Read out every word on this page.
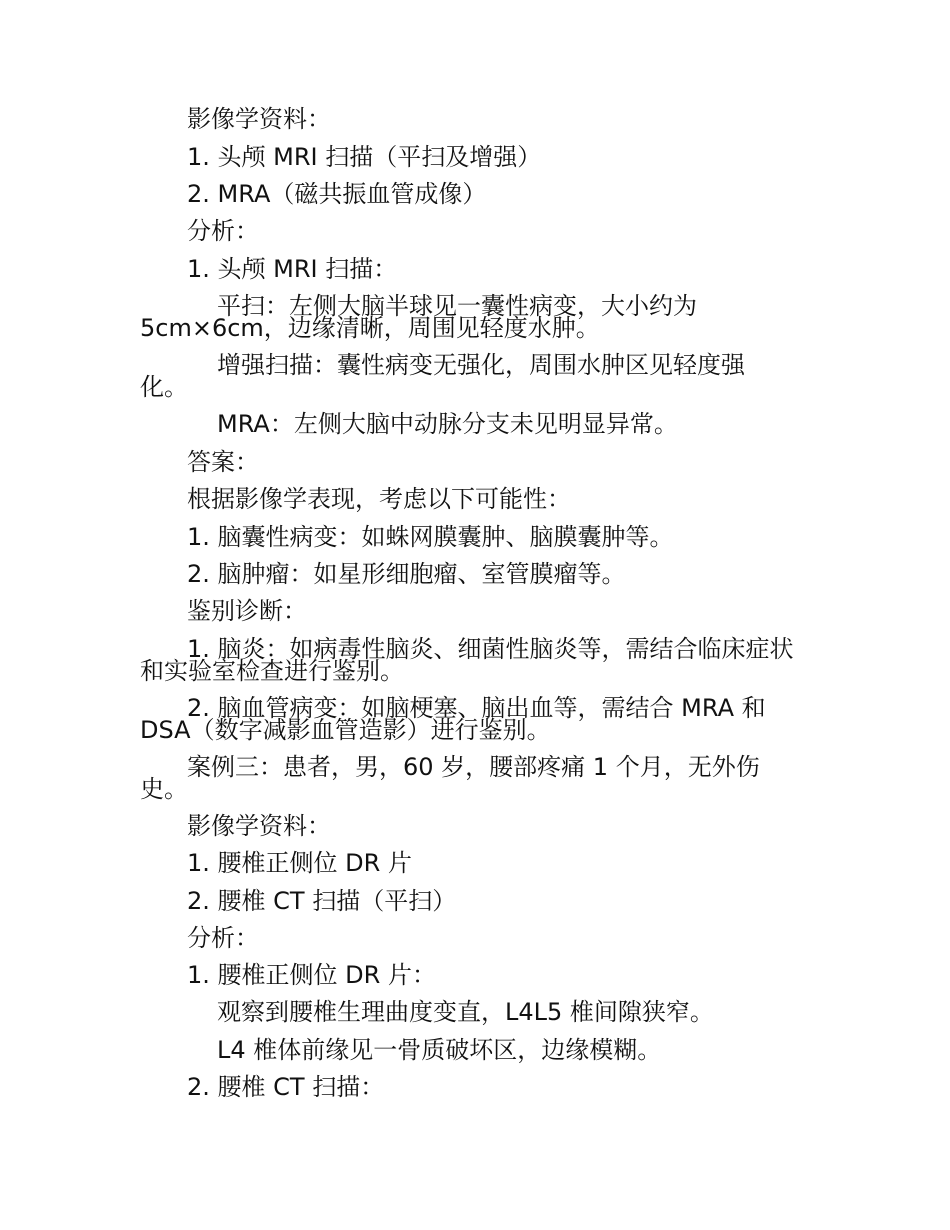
影像学资料：
1. 头颅 MRI 扫描（平扫及增强）
2. MRA（磁共振血管成像）
分析：
1. 头颅 MRI 扫描：
平扫：左侧大脑半球见一囊性病变，大小约为
5cm×6cm，边缘清晰，周围见轻度水肿。
增强扫描：囊性病变无强化，周围水肿区见轻度强
化。
MRA：左侧大脑中动脉分支未见明显异常。
答案：
根据影像学表现，考虑以下可能性：
1. 脑囊性病变：如蛛网膜囊肿、脑膜囊肿等。
2. 脑肿瘤：如星形细胞瘤、室管膜瘤等。
鉴别诊断：
1. 脑炎：如病毒性脑炎、细菌性脑炎等，需结合临床症状
和实验室检查进行鉴别。
2. 脑血管病变：如脑梗塞、脑出血等，需结合 MRA 和
DSA（数字减影血管造影）进行鉴别。
案例三：患者，男，60 岁，腰部疼痛 1 个月，无外伤
史。
影像学资料：
1. 腰椎正侧位 DR 片
2. 腰椎 CT 扫描（平扫）
分析：
1. 腰椎正侧位 DR 片：
观察到腰椎生理曲度变直，L4L5 椎间隙狭窄。
L4 椎体前缘见一骨质破坏区，边缘模糊。
2. 腰椎 CT 扫描：
